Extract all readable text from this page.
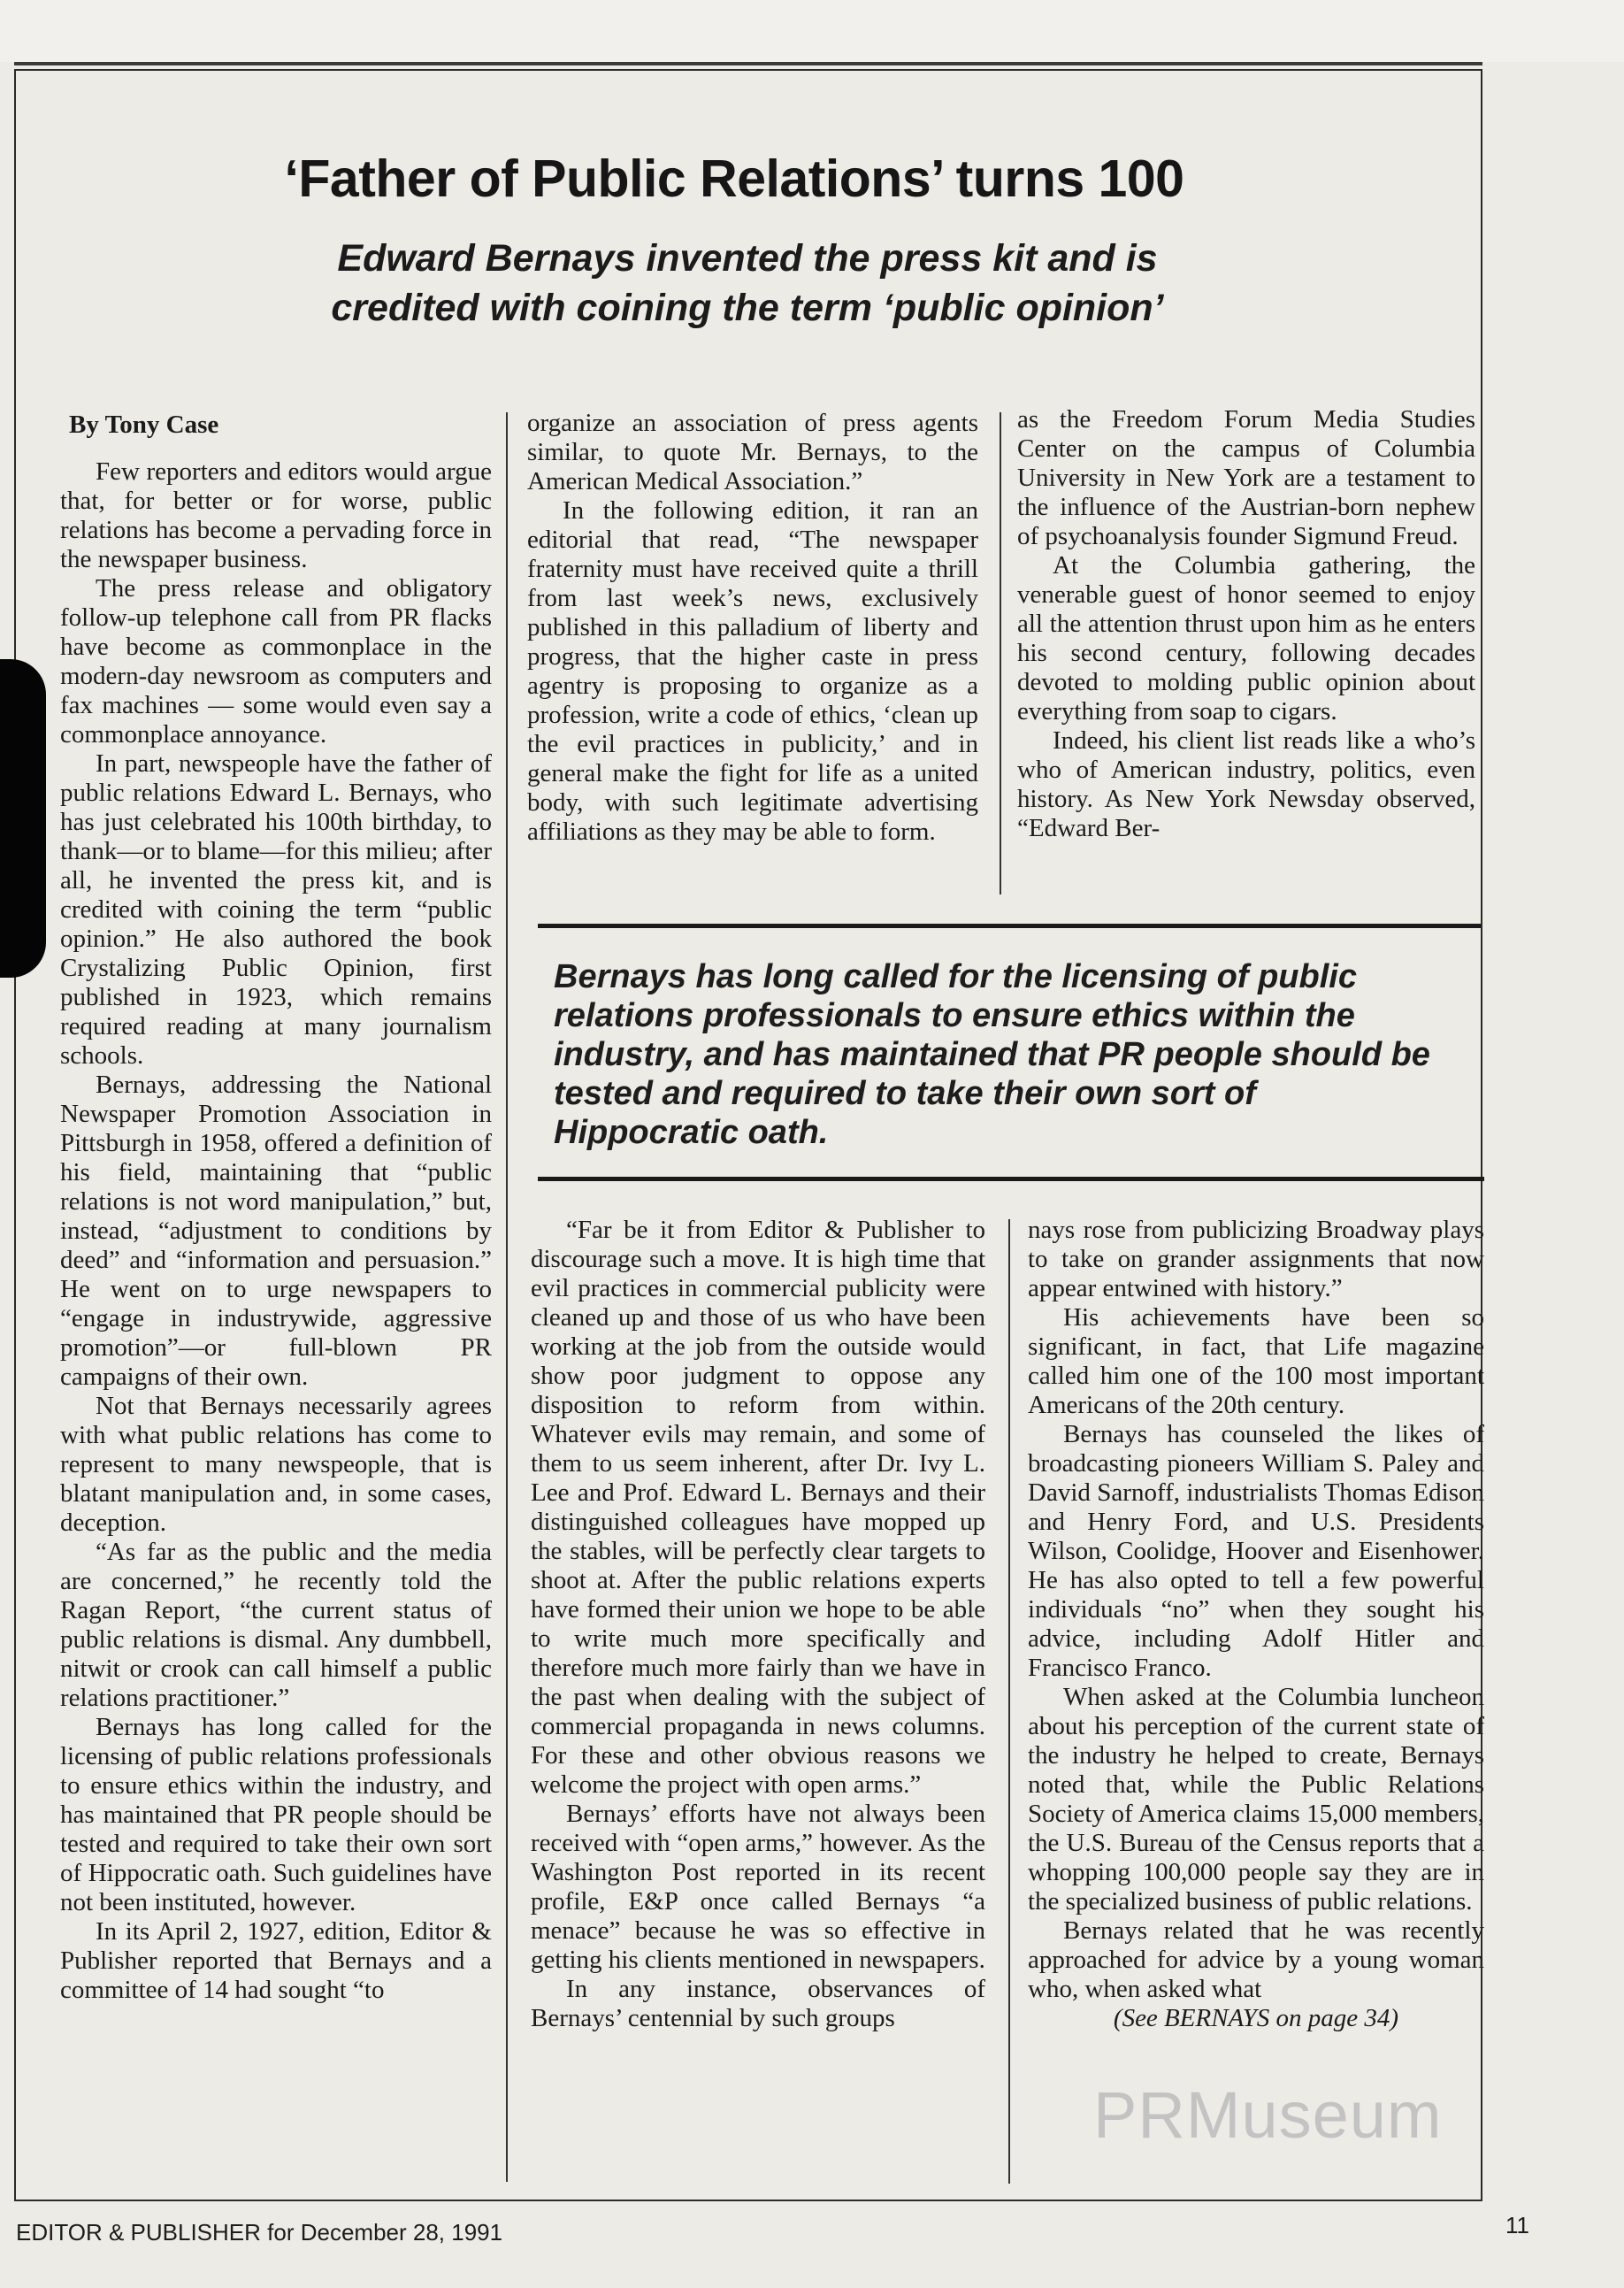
‘Father of Public Relations’ turns 100
Edward Bernays invented the press kit and is
credited with coining the term ‘public opinion’

By Tony Case

Few reporters and editors would argue that, for better or for worse, public relations has become a pervading force in the newspaper business.

The press release and obligatory follow-up telephone call from PR flacks have become as commonplace in the modern-day newsroom as computers and fax machines — some would even say a commonplace annoyance.

In part, newspeople have the father of public relations Edward L. Bernays, who has just celebrated his 100th birthday, to thank—or to blame—for this milieu; after all, he invented the press kit, and is credited with coining the term “public opinion.” He also authored the book Crystalizing Public Opinion, first published in 1923, which remains required reading at many journalism schools.

Bernays, addressing the National Newspaper Promotion Association in Pittsburgh in 1958, offered a definition of his field, maintaining that “public relations is not word manipulation,” but, instead, “adjustment to conditions by deed” and “information and persuasion.” He went on to urge newspapers to “engage in industrywide, aggressive promotion”—or full-blown PR campaigns of their own.

Not that Bernays necessarily agrees with what public relations has come to represent to many newspeople, that is blatant manipulation and, in some cases, deception.

“As far as the public and the media are concerned,” he recently told the Ragan Report, “the current status of public relations is dismal. Any dumbbell, nitwit or crook can call himself a public relations practitioner.”

Bernays has long called for the licensing of public relations professionals to ensure ethics within the industry, and has maintained that PR people should be tested and required to take their own sort of Hippocratic oath. Such guidelines have not been instituted, however.

In its April 2, 1927, edition, Editor & Publisher reported that Bernays and a committee of 14 had sought “to

organize an association of press agents similar, to quote Mr. Bernays, to the American Medical Association.”

In the following edition, it ran an editorial that read, “The newspaper fraternity must have received quite a thrill from last week’s news, exclusively published in this palladium of liberty and progress, that the higher caste in press agentry is proposing to organize as a profession, write a code of ethics, ‘clean up the evil practices in publicity,’ and in general make the fight for life as a united body, with such legitimate advertising affiliations as they may be able to form.

as the Freedom Forum Media Studies Center on the campus of Columbia University in New York are a testament to the influence of the Austrian-born nephew of psychoanalysis founder Sigmund Freud.

At the Columbia gathering, the venerable guest of honor seemed to enjoy all the attention thrust upon him as he enters his second century, following decades devoted to molding public opinion about everything from soap to cigars.

Indeed, his client list reads like a who’s who of American industry, politics, even history. As New York Newsday observed, “Edward Ber-

Bernays has long called for the licensing of public relations professionals to ensure ethics within the industry, and has maintained that PR people should be tested and required to take their own sort of Hippocratic oath.

“Far be it from Editor & Publisher to discourage such a move. It is high time that evil practices in commercial publicity were cleaned up and those of us who have been working at the job from the outside would show poor judgment to oppose any disposition to reform from within. Whatever evils may remain, and some of them to us seem inherent, after Dr. Ivy L. Lee and Prof. Edward L. Bernays and their distinguished colleagues have mopped up the stables, will be perfectly clear targets to shoot at. After the public relations experts have formed their union we hope to be able to write much more specifically and therefore much more fairly than we have in the past when dealing with the subject of commercial propaganda in news columns. For these and other obvious reasons we welcome the project with open arms.”

Bernays’ efforts have not always been received with “open arms,” however. As the Washington Post reported in its recent profile, E&P once called Bernays “a menace” because he was so effective in getting his clients mentioned in newspapers.

In any instance, observances of Bernays’ centennial by such groups

nays rose from publicizing Broadway plays to take on grander assignments that now appear entwined with history.”

His achievements have been so significant, in fact, that Life magazine called him one of the 100 most important Americans of the 20th century.

Bernays has counseled the likes of broadcasting pioneers William S. Paley and David Sarnoff, industrialists Thomas Edison and Henry Ford, and U.S. Presidents Wilson, Coolidge, Hoover and Eisenhower. He has also opted to tell a few powerful individuals “no” when they sought his advice, including Adolf Hitler and Francisco Franco.

When asked at the Columbia luncheon about his perception of the current state of the industry he helped to create, Bernays noted that, while the Public Relations Society of America claims 15,000 members, the U.S. Bureau of the Census reports that a whopping 100,000 people say they are in the specialized business of public relations.

Bernays related that he was recently approached for advice by a young woman who, when asked what

(See BERNAYS on page 34)

PRMuseum
EDITOR & PUBLISHER for December 28, 1991	11
